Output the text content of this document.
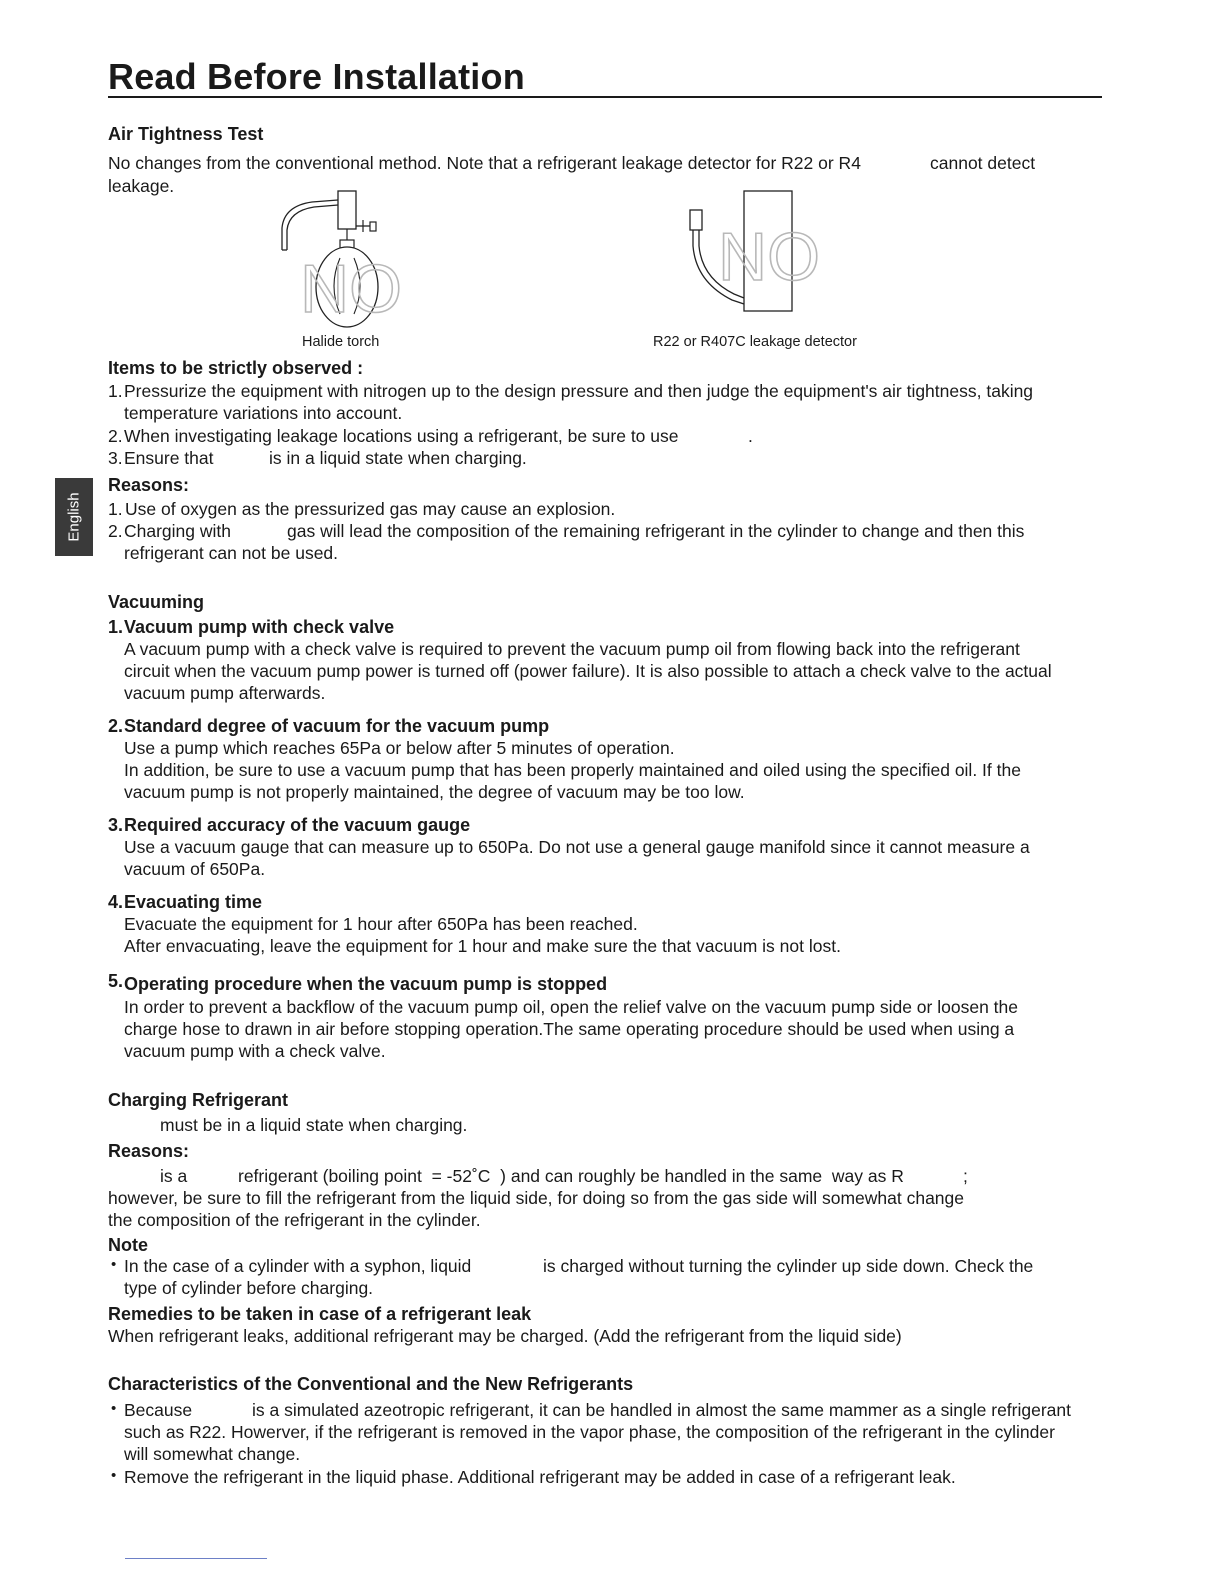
Read Before Installation
English
Air Tightness Test
No changes from the conventional method. Note that a refrigerant leakage detector for R22 or R4	cannot detect
leakage.
NO
Halide torch
NO
R22 or R407C leakage detector
Items to be strictly observed :
1. Pressurize the equipment with nitrogen up to the design pressure and then judge the equipment's air tightness, taking
temperature variations into account.
2. When investigating leakage locations using a refrigerant, be sure to use	.
3. Ensure that	is in a liquid state when charging.
Reasons:
1. Use of oxygen as the pressurized gas may cause an explosion.
2. Charging with	gas will lead the composition of the remaining refrigerant in the cylinder to change and then this
refrigerant can not be used.
Vacuuming
1. Vacuum pump with check valve
A vacuum pump with a check valve is required to prevent the vacuum pump oil from flowing back into the refrigerant
circuit when the vacuum pump power is turned off (power failure). It is also possible to attach a check valve to the actual
vacuum pump afterwards.
2. Standard degree of vacuum for the vacuum pump
Use a pump which reaches 65Pa or below after 5 minutes of operation.
In addition, be sure to use a vacuum pump that has been properly maintained and oiled using the specified oil. If the
vacuum pump is not properly maintained, the degree of vacuum may be too low.
3. Required accuracy of the vacuum gauge
Use a vacuum gauge that can measure up to 650Pa. Do not use a general gauge manifold since it cannot measure a
vacuum of 650Pa.
4. Evacuating time
Evacuate the equipment for 1 hour after 650Pa has been reached.
After envacuating, leave the equipment for 1 hour and make sure the that vacuum is not lost.
5. Operating procedure when the vacuum pump is stopped
In order to prevent a backflow of the vacuum pump oil, open the relief valve on the vacuum pump side or loosen the
charge hose to drawn in air before stopping operation.The same operating procedure should be used when using a
vacuum pump with a check valve.
Charging Refrigerant
must be in a liquid state when charging.
Reasons:
is a	refrigerant (boiling point  = -52˚C  ) and can roughly be handled in the same  way as R	;
however, be sure to fill the refrigerant from the liquid side, for doing so from the gas side will somewhat change
the composition of the refrigerant in the cylinder.
Note
• In the case of a cylinder with a syphon, liquid	is charged without turning the cylinder up side down. Check the
type of cylinder before charging.
Remedies to be taken in case of a refrigerant leak
When refrigerant leaks, additional refrigerant may be charged. (Add the refrigerant from the liquid side)
Characteristics of the Conventional and the New Refrigerants
• Because	is a simulated azeotropic refrigerant, it can be handled in almost the same mammer as a single refrigerant
such as R22. Howerver, if the refrigerant is removed in the vapor phase, the composition of the refrigerant in the cylinder
will somewhat change.
• Remove the refrigerant in the liquid phase. Additional refrigerant may be added in case of a refrigerant leak.
